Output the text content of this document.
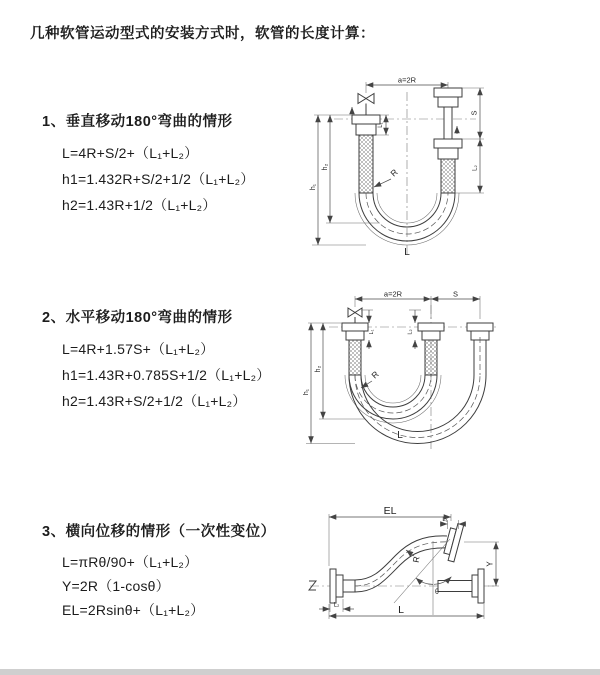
几种软管运动型式的安装方式时，软管的长度计算：
1、垂直移动180°弯曲的情形
L=4R+S/2+（L₁+L₂）
h1=1.432R+S/2+1/2（L₁+L₂）
h2=1.43R+1/2（L₁+L₂）
2、水平移动180°弯曲的情形
L=4R+1.57S+（L₁+L₂）
h1=1.43R+0.785S+1/2（L₁+L₂）
h2=1.43R+S/2+1/2（L₁+L₂）
3、横向位移的情形（一次性变位）
L=πRθ/90+（L₁+L₂）
Y=2R（1-cosθ）
EL=2Rsinθ+（L₁+L₂）
a=2R
L₁
S
L₂
h₂
h₁
R
L
a=2R	S
L₁	L₂
h₂
h₁
R
L
EL
L₁
Y
L
L₂
θ
R
